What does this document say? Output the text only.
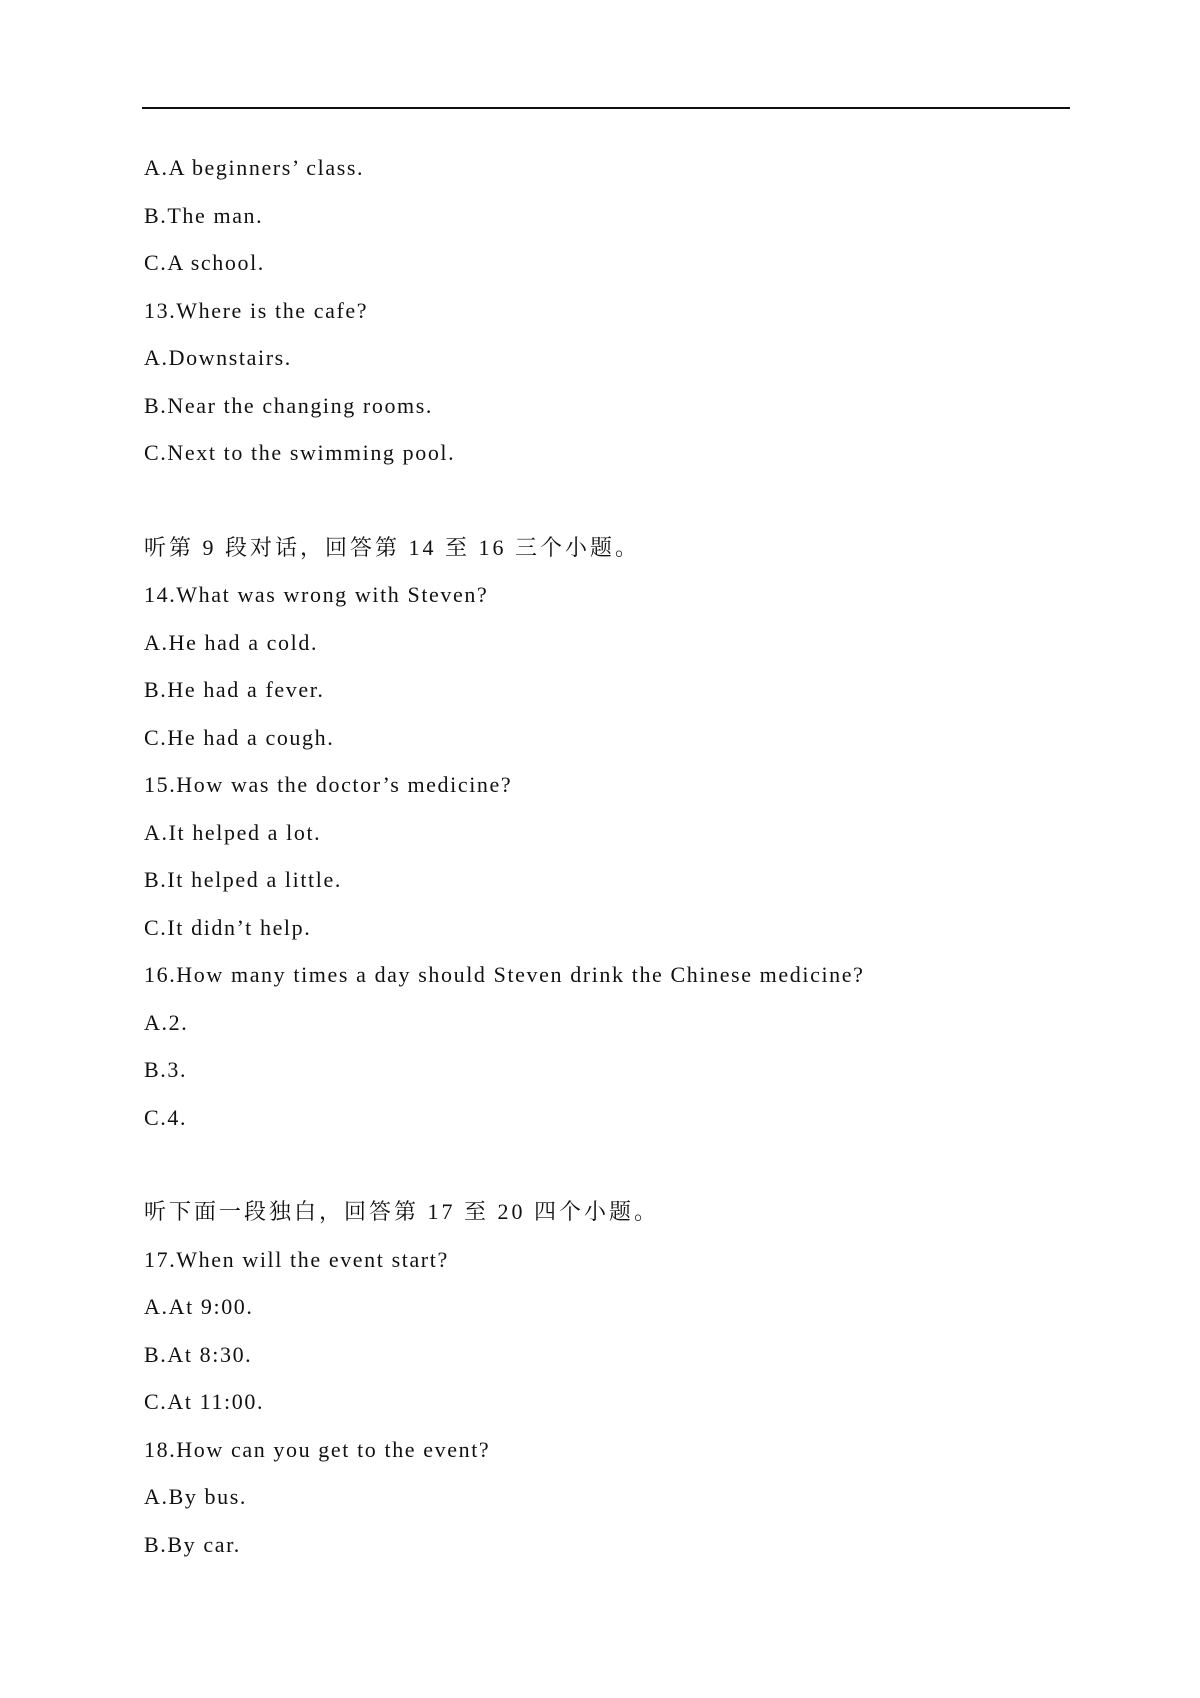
A.A beginners’ class.
B.The man.
C.A school.
13.Where is the cafe?
A.Downstairs.
B.Near the changing rooms.
C.Next to the swimming pool.
听第 9 段对话，回答第 14 至 16 三个小题。
14.What was wrong with Steven?
A.He had a cold.
B.He had a fever.
C.He had a cough.
15.How was the doctor’s medicine?
A.It helped a lot.
B.It helped a little.
C.It didn’t help.
16.How many times a day should Steven drink the Chinese medicine?
A.2.
B.3.
C.4.
听下面一段独白，回答第 17 至 20 四个小题。
17.When will the event start?
A.At 9:00.
B.At 8:30.
C.At 11:00.
18.How can you get to the event?
A.By bus.
B.By car.
